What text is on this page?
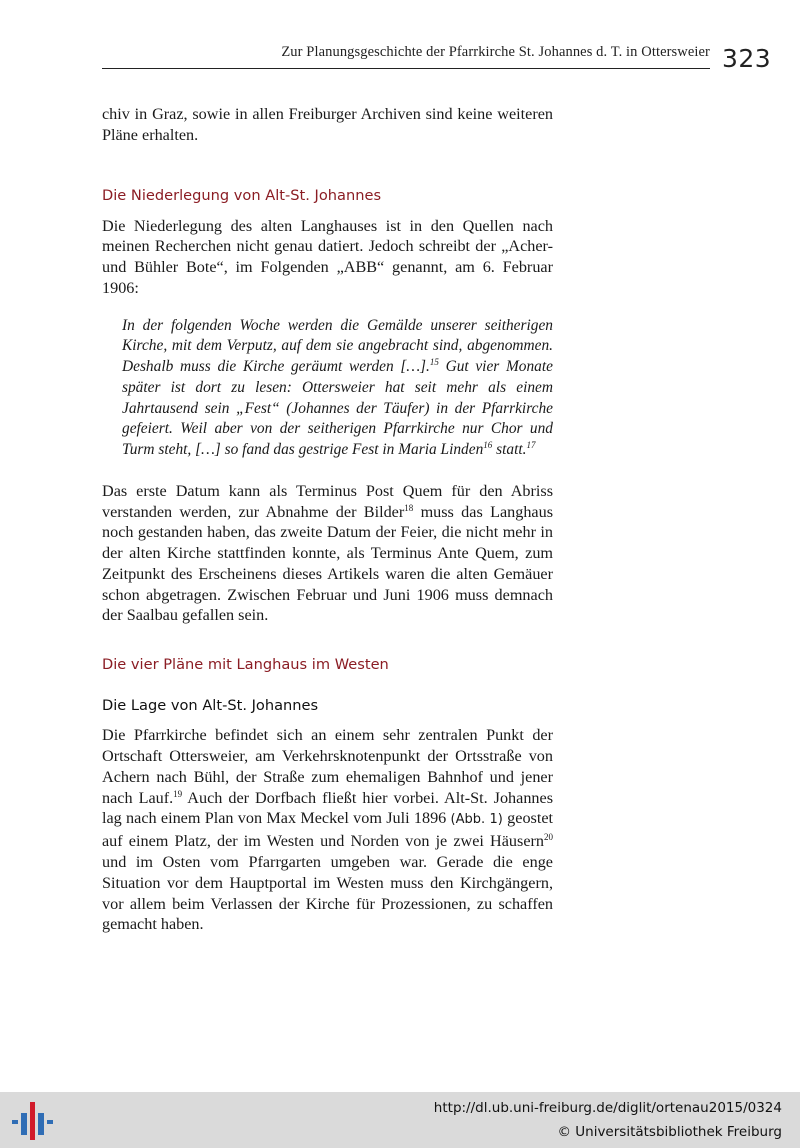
Zur Planungsgeschichte der Pfarrkirche St. Johannes d. T. in Ottersweier 323

chiv in Graz, sowie in allen Freiburger Archiven sind keine weiteren Pläne erhalten.

Die Niederlegung von Alt-St. Johannes

Die Niederlegung des alten Langhauses ist in den Quellen nach meinen Recherchen nicht genau datiert. Jedoch schreibt der „Acher- und Bühler Bote“, im Folgenden „ABB“ genannt, am 6. Februar 1906:

In der folgenden Woche werden die Gemälde unserer seitherigen Kirche, mit dem Verputz, auf dem sie angebracht sind, abgenommen. Deshalb muss die Kirche geräumt werden […].$^{15}$ Gut vier Monate später ist dort zu lesen: Ottersweier hat seit mehr als einem Jahrtausend sein „Fest“ (Johannes der Täufer) in der Pfarrkirche gefeiert. Weil aber von der seitherigen Pfarrkirche nur Chor und Turm steht, […] so fand das gestrige Fest in Maria Linden$^{16}$ statt.$^{17}$

Das erste Datum kann als Terminus Post Quem für den Abriss verstanden werden, zur Abnahme der Bilder$^{18}$ muss das Langhaus noch gestanden haben, das zweite Datum der Feier, die nicht mehr in der alten Kirche stattfinden konnte, als Terminus Ante Quem, zum Zeitpunkt des Erscheinens dieses Artikels waren die alten Gemäuer schon abgetragen. Zwischen Februar und Juni 1906 muss demnach der Saalbau gefallen sein.

Die vier Pläne mit Langhaus im Westen
Die Lage von Alt-St. Johannes

Die Pfarrkirche befindet sich an einem sehr zentralen Punkt der Ortschaft Ottersweier, am Verkehrsknotenpunkt der Ortsstraße von Achern nach Bühl, der Straße zum ehemaligen Bahnhof und jener nach Lauf.$^{19}$ Auch der Dorfbach fließt hier vorbei. Alt-St. Johannes lag nach einem Plan von Max Meckel vom Juli 1896 (Abb. 1) geostet auf einem Platz, der im Westen und Norden von je zwei Häusern$^{20}$ und im Osten vom Pfarrgarten umgeben war. Gerade die enge Situation vor dem Hauptportal im Westen muss den Kirchgängern, vor allem beim Verlassen der Kirche für Prozessionen, zu schaffen gemacht haben.

http://dl.ub.uni-freiburg.de/diglit/ortenau2015/0324
© Universitätsbibliothek Freiburg
